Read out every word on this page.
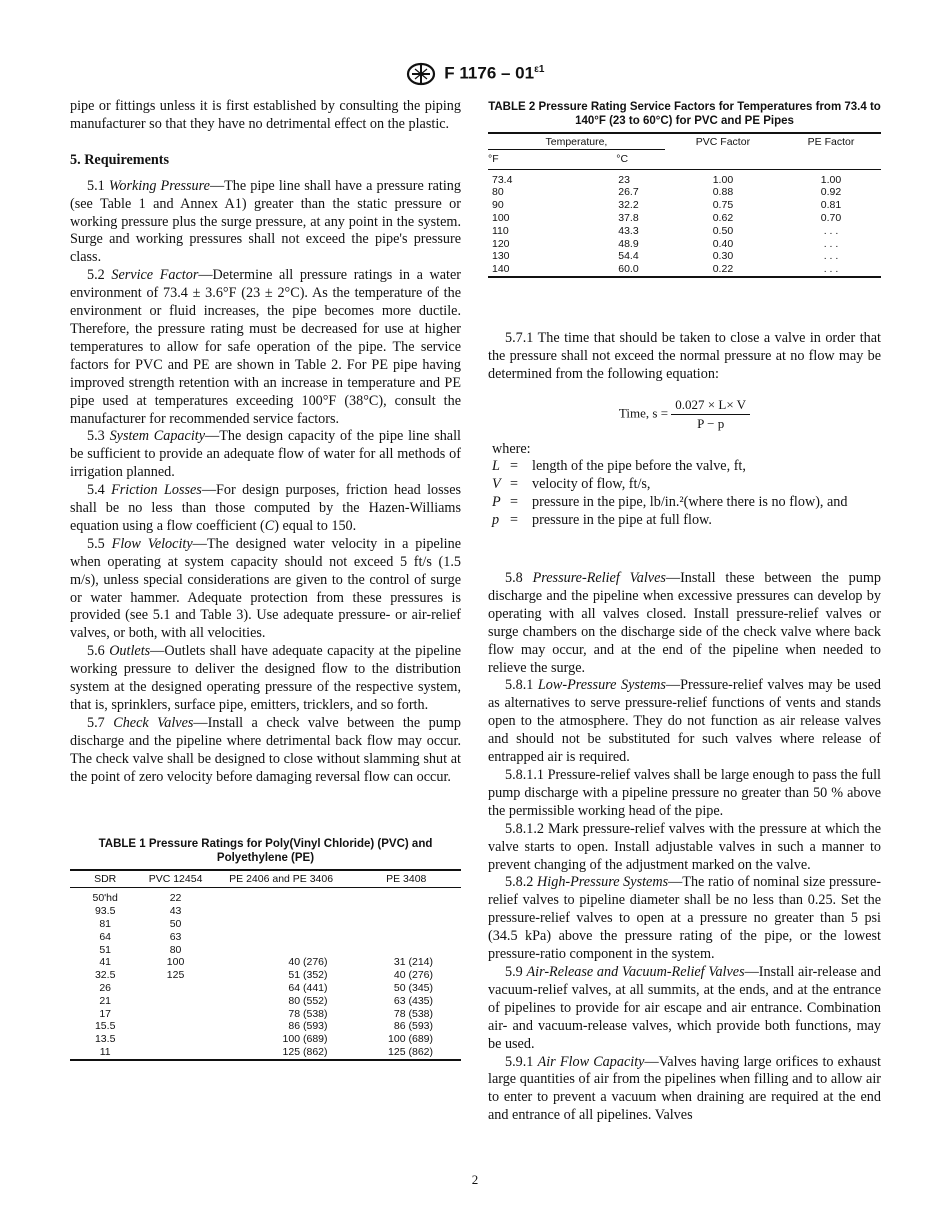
F $1176 - 01^{\varepsilon 1}$

pipe or fittings unless it is first established by consulting the piping manufacturer so that they have no detrimental effect on the plastic.

5. Requirements

5.1 Working Pressure—The pipe line shall have a pressure rating (see Table 1 and Annex A1) greater than the static pressure or working pressure plus the surge pressure, at any point in the system. Surge and working pressures shall not exceed the pipe's pressure class.

5.2 Service Factor—Determine all pressure ratings in a water environment of 73.4 ± 3.6°F (23 ± 2°C). As the temperature of the environment or fluid increases, the pipe becomes more ductile. Therefore, the pressure rating must be decreased for use at higher temperatures to allow for safe operation of the pipe. The service factors for PVC and PE are shown in Table 2. For PE pipe having improved strength retention with an increase in temperature and PE pipe used at temperatures exceeding 100°F (38°C), consult the manufacturer for recommended service factors.

5.3 System Capacity—The design capacity of the pipe line shall be sufficient to provide an adequate flow of water for all methods of irrigation planned.

5.4 Friction Losses—For design purposes, friction head losses shall be no less than those computed by the Hazen-Williams equation using a flow coefficient (C) equal to 150.

5.5 Flow Velocity—The designed water velocity in a pipeline when operating at system capacity should not exceed 5 ft/s (1.5 m/s), unless special considerations are given to the control of surge or water hammer. Adequate protection from these pressures is provided (see 5.1 and Table 3). Use adequate pressure- or air-relief valves, or both, with all velocities.

5.6 Outlets—Outlets shall have adequate capacity at the pipeline working pressure to deliver the designed flow to the distribution system at the designed operating pressure of the respective system, that is, sprinklers, surface pipe, emitters, tricklers, and so forth.

5.7 Check Valves—Install a check valve between the pump discharge and the pipeline where detrimental back flow may occur. The check valve shall be designed to close without slamming shut at the point of zero velocity before damaging reversal flow can occur.

TABLE 1 Pressure Ratings for Poly(Vinyl Chloride) (PVC) and Polyethylene (PE)
SDR	PVC 12454	PE 2406 and PE 3406	PE 3408
50'hd	22		
93.5	43		
81	50		
64	63		
51	80		
41	100	40 (276)	31 (214)
32.5	125	51 (352)	40 (276)
26		64 (441)	50 (345)
21		80 (552)	63 (435)
17		78 (538)	78 (538)
15.5		86 (593)	86 (593)
13.5		100 (689)	100 (689)
11		125 (862)	125 (862)
TABLE 2 Pressure Rating Service Factors for Temperatures from 73.4 to 140°F (23 to 60°C) for PVC and PE Pipes
Temperature,		PVC Factor	PE Factor
°F	°C		
73.4	23	1.00	1.00
80	26.7	0.88	0.92
90	32.2	0.75	0.81
100	37.8	0.62	0.70
110	43.3	0.50	. . .
120	48.9	0.40	. . .
130	54.4	0.30	. . .
140	60.0	0.22	. . .

5.7.1 The time that should be taken to close a valve in order that the pressure shall not exceed the normal pressure at no flow may be determined from the following equation:

Time, $s = \frac{0.027 \times L\times V}{P - p}$
where:
L	=	length of the pipe before the valve, ft,
V	=	velocity of flow, ft/s,
P	=	pressure in the pipe, lb/in.²(where there is no flow), and
p	=	pressure in the pipe at full flow.

5.8 Pressure-Relief Valves—Install these between the pump discharge and the pipeline when excessive pressures can develop by operating with all valves closed. Install pressure-relief valves or surge chambers on the discharge side of the check valve where back flow may occur, and at the end of the pipeline when needed to relieve the surge.

5.8.1 Low-Pressure Systems—Pressure-relief valves may be used as alternatives to serve pressure-relief functions of vents and stands open to the atmosphere. They do not function as air release valves and should not be substituted for such valves where release of entrapped air is required.

5.8.1.1 Pressure-relief valves shall be large enough to pass the full pump discharge with a pipeline pressure no greater than 50 % above the permissible working head of the pipe.

5.8.1.2 Mark pressure-relief valves with the pressure at which the valve starts to open. Install adjustable valves in such a manner to prevent changing of the adjustment marked on the valve.

5.8.2 High-Pressure Systems—The ratio of nominal size pressure-relief valves to pipeline diameter shall be no less than 0.25. Set the pressure-relief valves to open at a pressure no greater than 5 psi (34.5 kPa) above the pressure rating of the pipe, or the lowest pressure-ratio component in the system.

5.9 Air-Release and Vacuum-Relief Valves—Install air-release and vacuum-relief valves, at all summits, at the ends, and at the entrance of pipelines to provide for air escape and air entrance. Combination air- and vacuum-release valves, which provide both functions, may be used.

5.9.1 Air Flow Capacity—Valves having large orifices to exhaust large quantities of air from the pipelines when filling and to allow air to enter to prevent a vacuum when draining are required at the end and entrance of all pipelines. Valves

2
